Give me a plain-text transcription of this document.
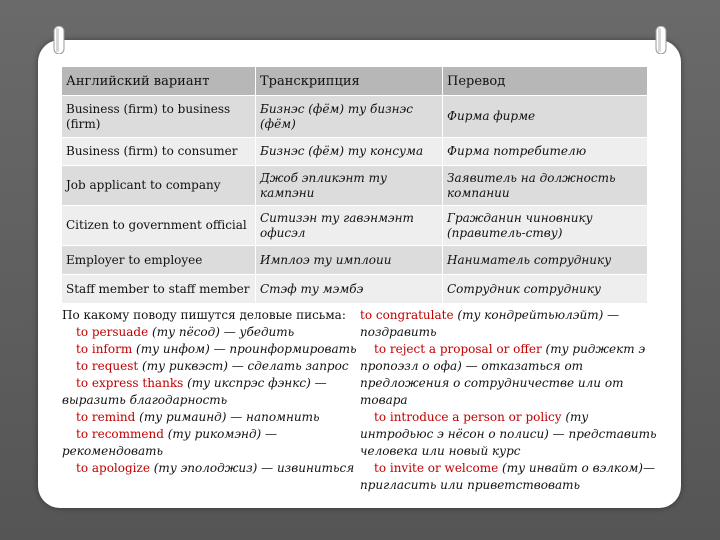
Английский вариант	Транскрипция	Перевод
Business (firm) to business (firm)	Бизнэс (фём) ту бизнэс (фём)	Фирма фирме
Business (firm) to consumer	Бизнэс (фём) ту консума	Фирма потребителю
Job applicant to company	Джоб эпликэнт ту кампэни	Заявитель на должность компании
Citizen to government official	Ситизэн ту гавэнмэнт офисэл	Гражданин чиновнику (правитель-ству)
Employer to employee	Имплоэ ту имплоии	Наниматель сотруднику
Staff member to staff member	Стэф ту мэмбэ	Сотрудник сотруднику
По какому поводу пишутся деловые письма:
to persuade (ту пёсод) — убедить
to inform (ту инфом) — проинформировать
to request (ту риквэст) — сделать запрос
to express thanks (ту икспрэс фэнкс) —
выразить благодарность
to remind (ту римаинд) — напомнить
to recommend (ту рикомэнд) —
рекомендовать
to apologize (ту эполоджиз) — извиниться
to congratulate (ту кондрейтьюлэйт) —
поздравить
to reject a proposal or offer (ту риджект э
пропоэзл о офа) — отказаться от
предложения о сотрудничестве или от
товара
to introduce a person or policy (ту
интродьюс э нёсон о полиси) — представить
человека или новый курс
to invite or welcome (ту инвайт о вэлком)—
пригласить или приветствовать
